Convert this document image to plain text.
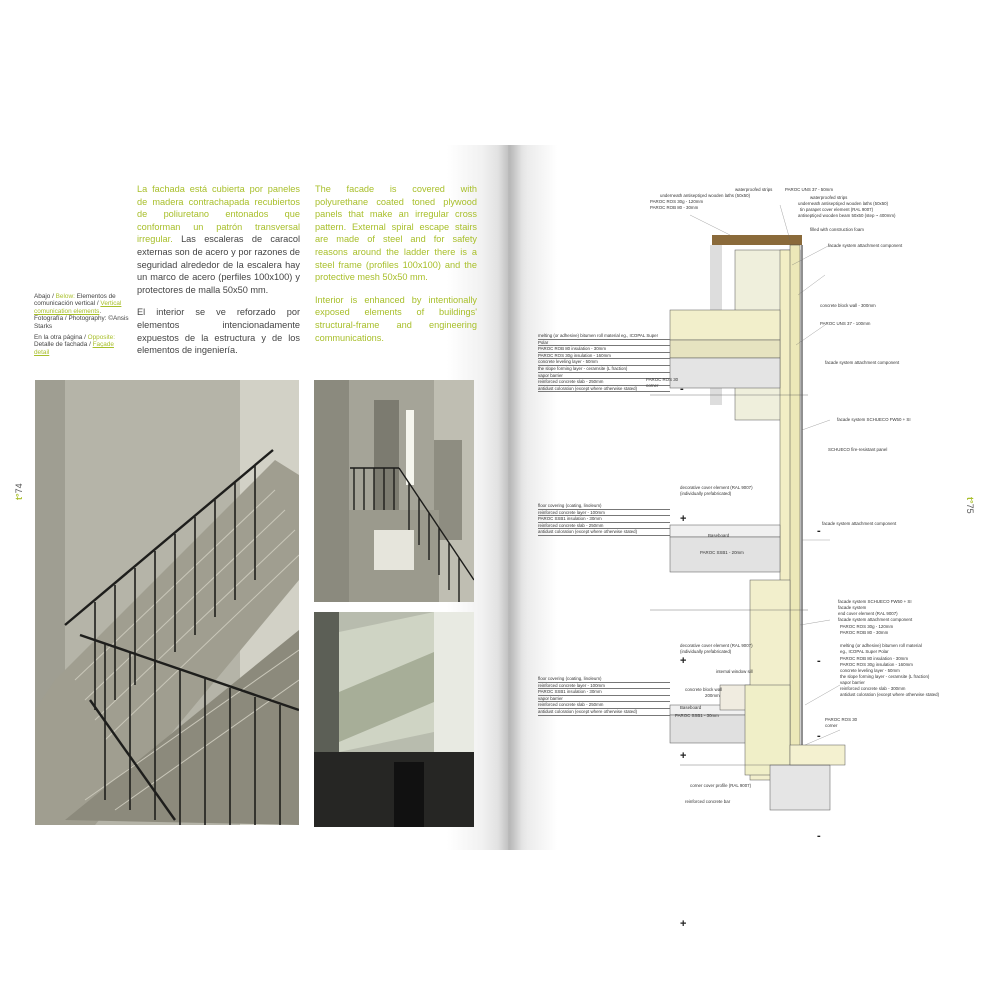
La fachada está cubierta por paneles de madera contrachapada recubiertos de poliuretano entonados que conforman un patrón transversal irregular. Las escaleras de caracol externas son de acero y por razones de seguridad alrededor de la escalera hay un marco de acero (perfiles 100x100) y protectores de malla 50x50 mm.

El interior se ve reforzado por elementos intencionadamente expuestos de la estructura y de los elementos de ingeniería.

The facade is covered with polyurethane coated toned plywood panels that make an irregular cross pattern. External spiral escape stairs are made of steel and for safety reasons around the ladder there is a steel frame (profiles 100x100) and the protective mesh 50x50 mm.

Interior is enhanced by intentionally exposed elements of buildings' structural-frame and engineering communications.

Abajo / Below: Elementos de comunicación vertical / Vertical comunication elements. Fotografía / Photography: ©Ansis Starks

En la otra página / Opposite: Detalle de fachada / Façade detail

t°74
t°75
-
+
-
+	-
+
-
+
-
melting (or adhesive) bitumen roll material eg., ICOPAL Super
Polar
PAROC ROB 80 insulation - 30mm
PAROC ROS 30g insulation - 160mm
concrete leveling layer - 50mm
the slope forming layer - ceramsite (L fraction)
vapor barrier
reinforced concrete slab - 250mm
antidust coloration (except where otherwise stated)
floor covering (coating, linoleum)
reinforced concrete layer - 100mm
PAROC SSB1 insulation - 30mm
reinforced concrete slab - 250mm
antidust coloration (except where otherwise stated)
floor covering (coating, linoleum)
reinforced concrete layer - 100mm
PAROC SSB1 insulation - 30mm
vapor barrier
reinforced concrete slab - 250mm
antidust coloration (except where otherwise stated)
waterproofed strips
underneath antiseptiçed wooden laths (50x50)
PAROC UNS 37 - 50mm
PAROC ROS 30g - 120mm
PAROC ROB 80 - 30mm
waterproofed strips
underneath antiseptiçed wooden laths (50x50)
tin parapet cover element (RAL 9007)
antiseptiçed wooden beam 50x50 (step ~ 400mm)
filled with construction foam
facade system attachment component
concrete block wall - 300mm
PAROC UNS 37 - 100mm
facade system attachment component
facade system SCHUECO FW50 + SI
SCHUECO fire-resistant panel
facade system attachment component
facade system SCHUECO FW50 + SI
facade system
end cover element (RAL 9007)
facade system attachment component
PAROC ROS 30g - 120mm
PAROC ROB 80 - 30mm
melting (or adhesive) bitumen roll material
eg., ICOPAL Super Polar
PAROC ROB 80 insulation - 30mm
PAROC ROS 30g insulation - 160mm
concrete leveling layer - 50mm
the slope forming layer - ceramsite (L fraction)
vapor barrier
reinforced concrete slab - 300mm
antidust coloration (except where otherwise stated)
PAROC ROS 30
corner
decorative cover element (RAL 9007)
(individually prefabricated)
Baseboard
PAROC SSB1 - 20mm
decorative cover element (RAL 9007)
(individually prefabricated)
internal window sill
concrete block wall
200mm
Baseboard
PAROC SSB1 - 30mm
corner cover profile (RAL 9007)
reinforced concrete bar
PAROC ROS 30
corner
